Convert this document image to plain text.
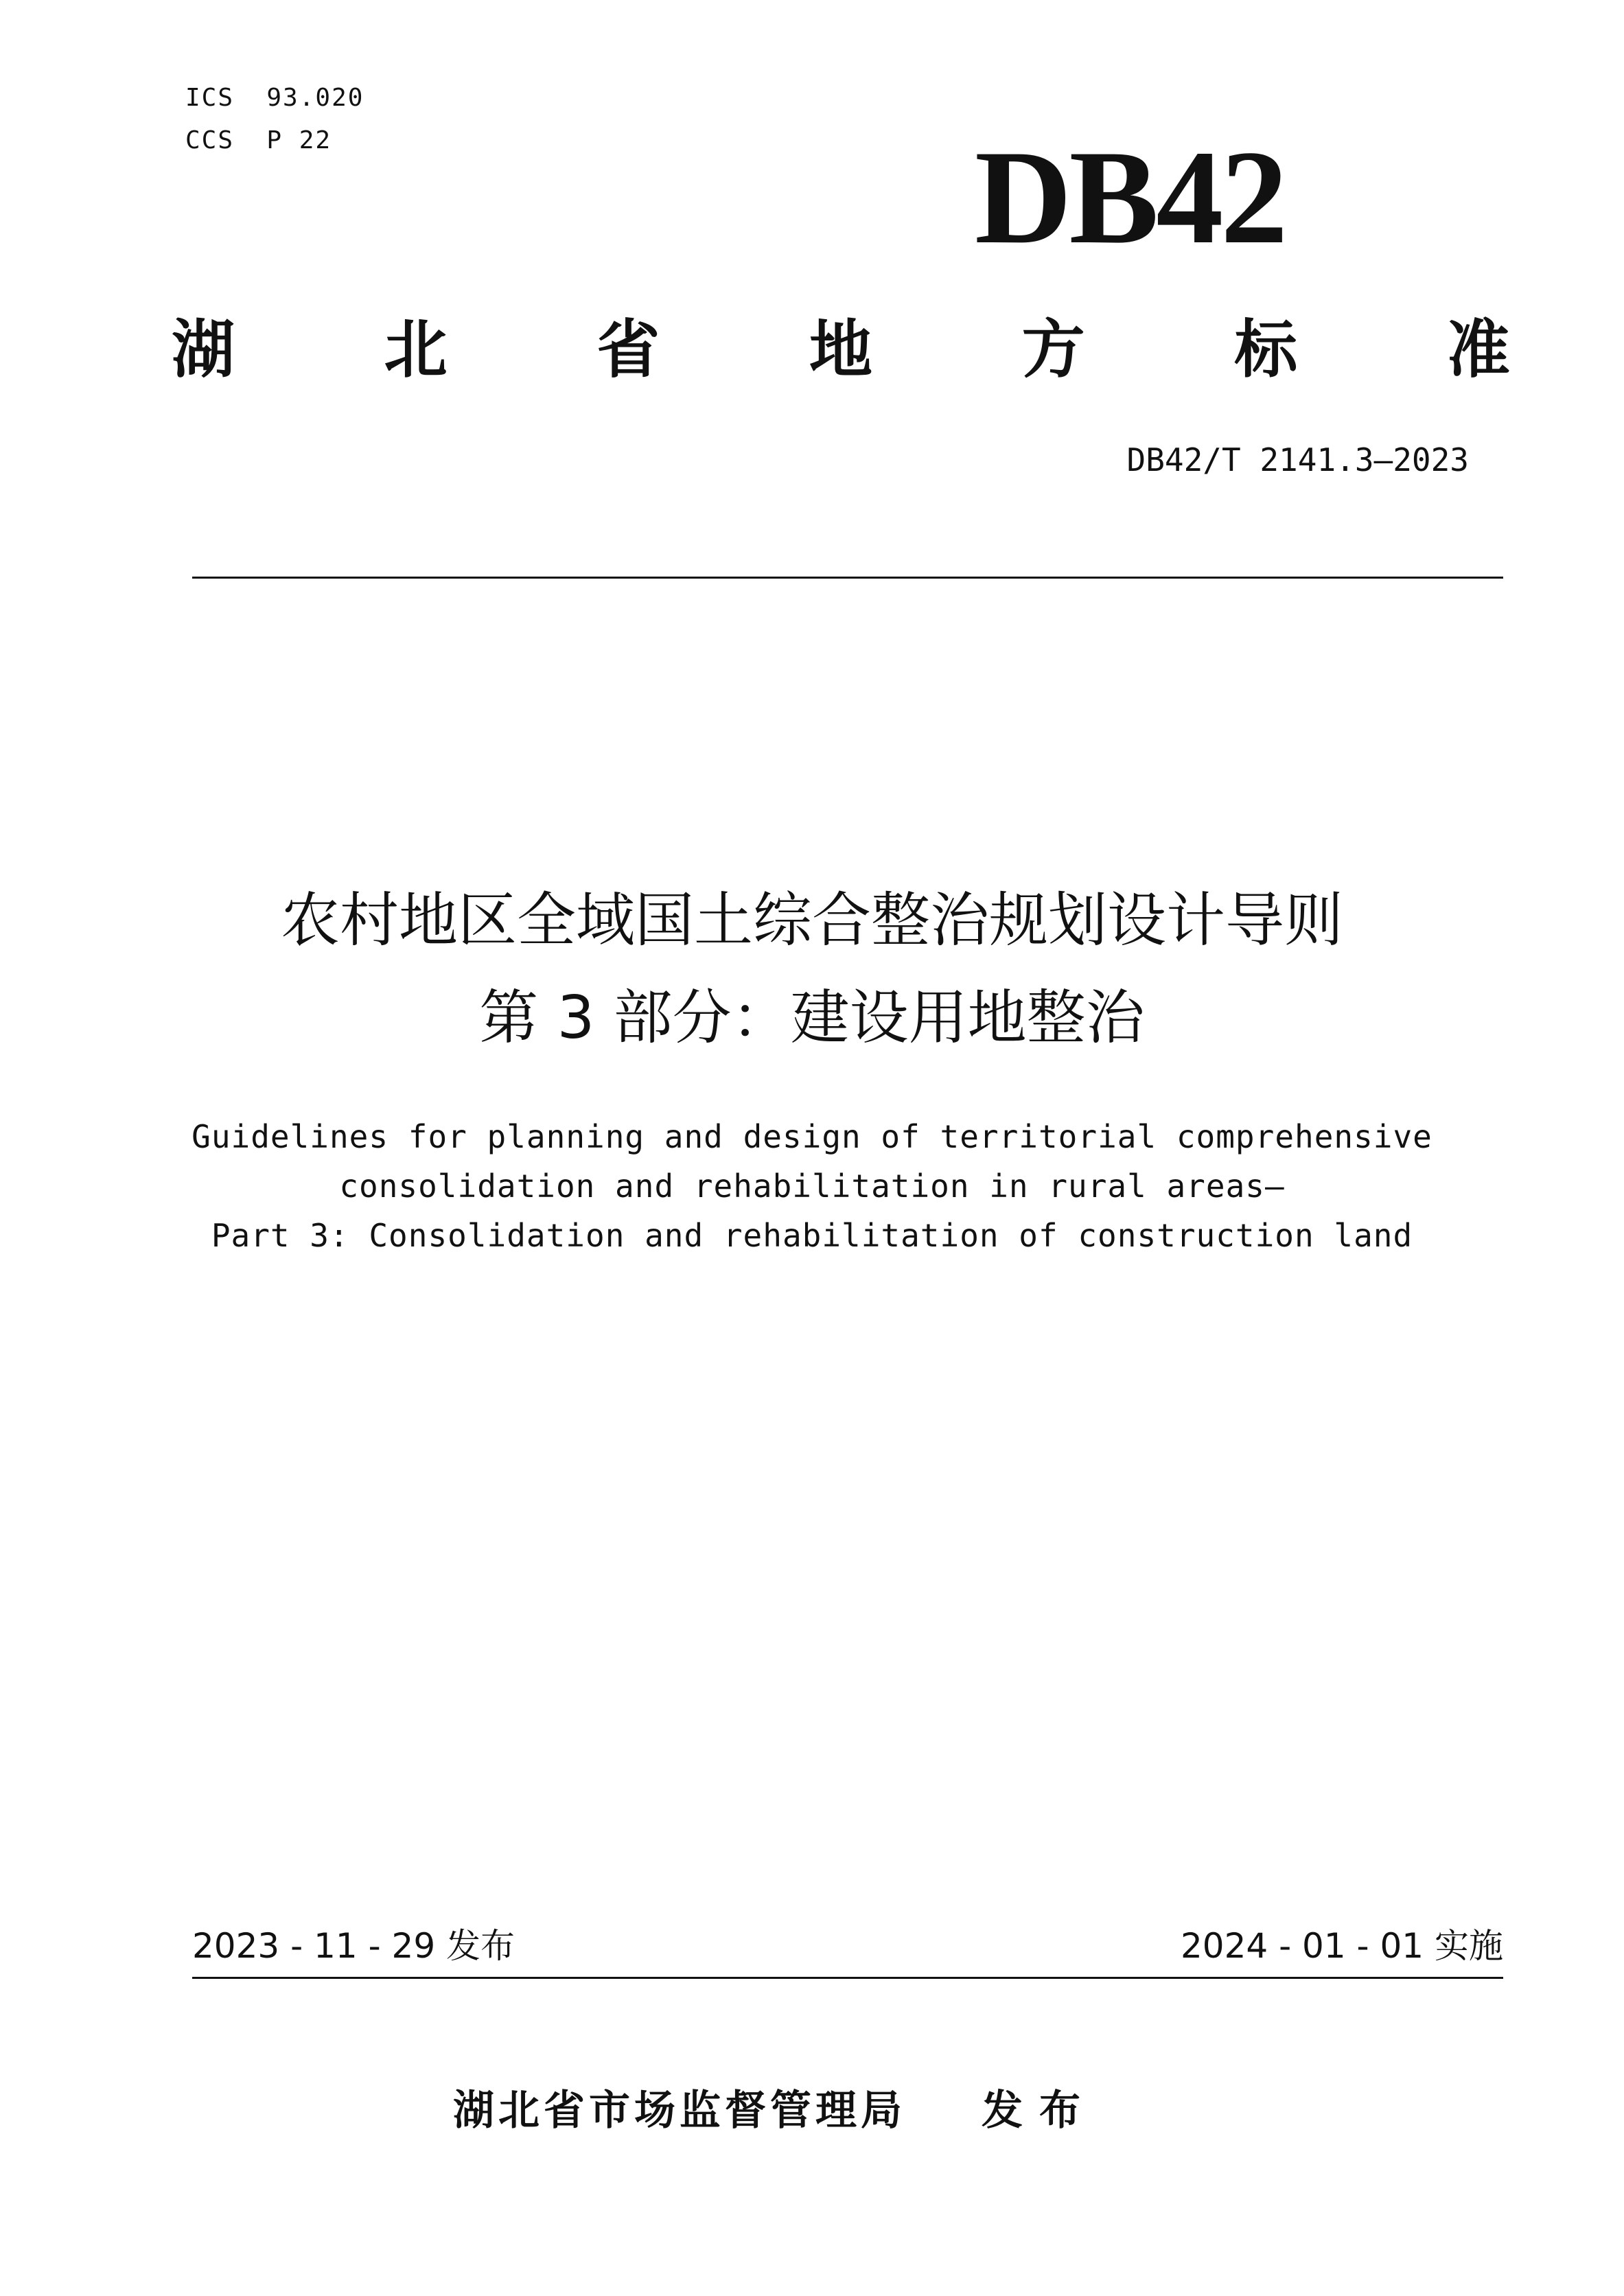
ICS  93.020
CCS  P 22	DB42
湖 北 省 地 方 标 准
DB42/T 2141.3—2023
农村地区全域国土综合整治规划设计导则
第 3 部分：建设用地整治
Guidelines for planning and design of territorial comprehensive
consolidation and rehabilitation in rural areas—
Part 3: Consolidation and rehabilitation of construction land
2023 - 11 - 29 发布	2024 - 01 - 01 实施
湖北省市场监督管理局 发布
